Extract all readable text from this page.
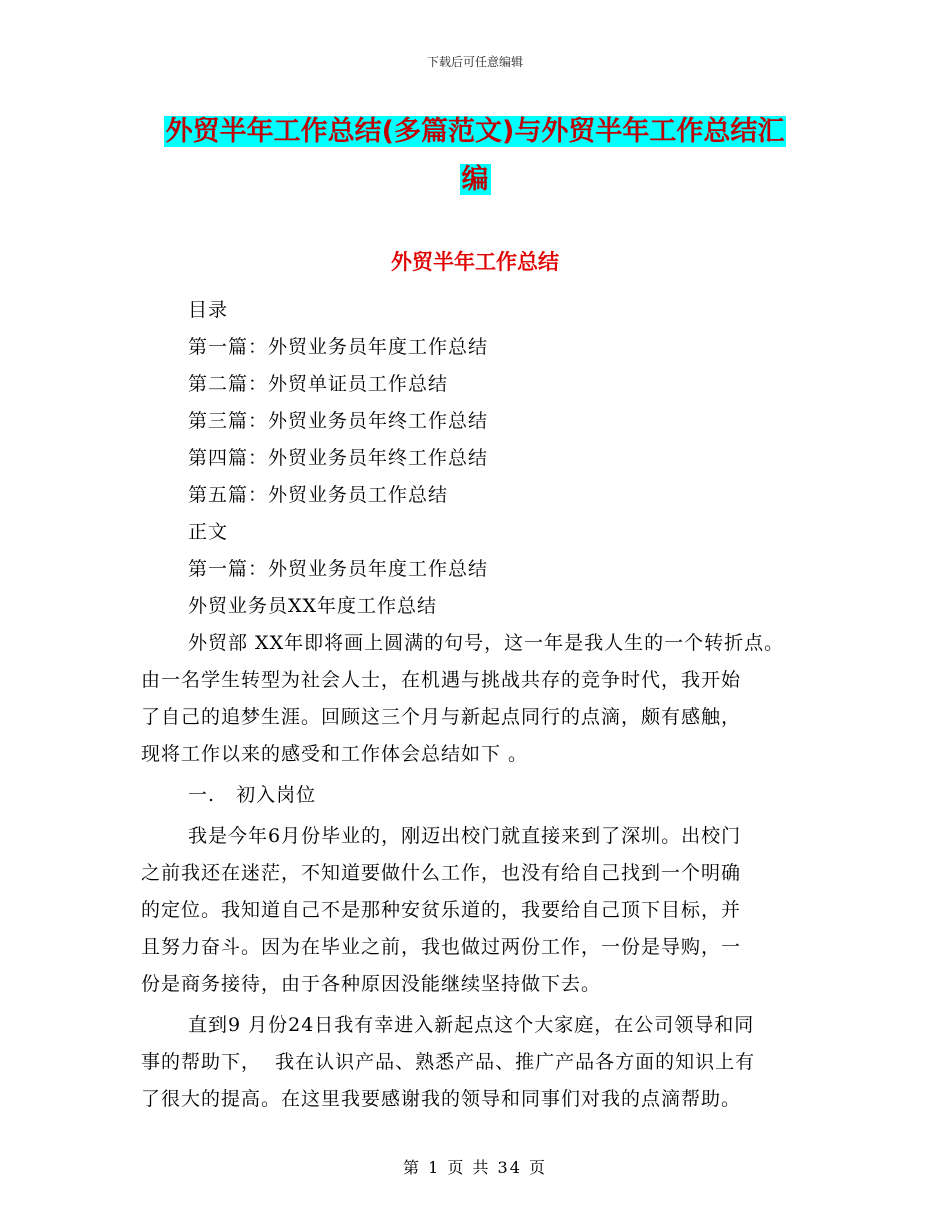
下载后可任意编辑
外贸半年工作总结(多篇范文)与外贸半年工作总结汇
编
外贸半年工作总结
目录
第一篇：外贸业务员年度工作总结
第二篇：外贸单证员工作总结
第三篇：外贸业务员年终工作总结
第四篇：外贸业务员年终工作总结
第五篇：外贸业务员工作总结
正文
第一篇：外贸业务员年度工作总结
外贸业务员XX年度工作总结
外贸部 XX年即将画上圆满的句号，这一年是我人生的一个转折点。
由一名学生转型为社会人士，在机遇与挑战共存的竞争时代，我开始
了自己的追梦生涯。回顾这三个月与新起点同行的点滴，颇有感触，
现将工作以来的感受和工作体会总结如下 。
一.   初入岗位
我是今年6月份毕业的，刚迈出校门就直接来到了深圳。出校门
之前我还在迷茫，不知道要做什么工作，也没有给自己找到一个明确
的定位。我知道自己不是那种安贫乐道的，我要给自己顶下目标，并
且努力奋斗。因为在毕业之前，我也做过两份工作，一份是导购，一
份是商务接待，由于各种原因没能继续坚持做下去。
直到9 月份24日我有幸进入新起点这个大家庭，在公司领导和同
事的帮助下，  我在认识产品、熟悉产品、推广产品各方面的知识上有
了很大的提高。在这里我要感谢我的领导和同事们对我的点滴帮助。
第 1 页 共 34 页
